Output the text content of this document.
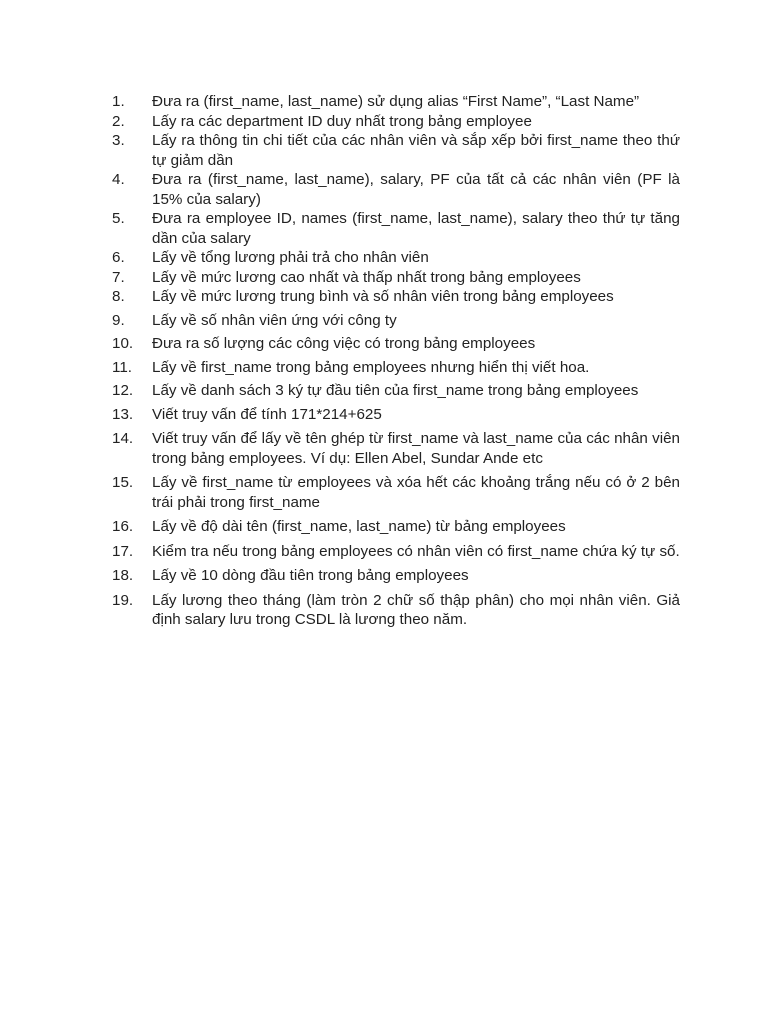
1.	Đưa ra (first_name, last_name) sử dụng alias “First Name”, “Last Name”
2.	Lấy ra các department ID duy nhất trong bảng employee
3.	Lấy ra thông tin chi tiết của các nhân viên và sắp xếp bởi first_name theo thứ tự giảm dần
4.	Đưa ra (first_name, last_name), salary, PF của tất cả các nhân viên (PF là 15% của salary)
5.	Đưa ra employee ID, names (first_name, last_name), salary theo thứ tự tăng dần của salary
6.	Lấy về tổng lương phải trả cho nhân viên
7.	Lấy về mức lương cao nhất và thấp nhất trong bảng employees
8.	Lấy về mức lương trung bình và số nhân viên trong bảng employees
9.	Lấy về số nhân viên ứng với công ty
10.	Đưa ra số lượng các công việc có trong bảng employees
11.	Lấy về first_name trong bảng employees nhưng hiển thị viết hoa.
12.	Lấy về danh sách 3 ký tự đầu tiên của first_name trong bảng employees
13.	Viết truy vấn để tính 171*214+625
14.	Viết truy vấn để lấy về tên ghép từ first_name và last_name của các nhân viên trong bảng employees. Ví dụ: Ellen Abel, Sundar Ande etc
15.	Lấy về first_name từ employees và xóa hết các khoảng trắng nếu có ở 2 bên trái phải trong first_name
16.	Lấy về độ dài tên (first_name, last_name) từ bảng employees
17.	Kiểm tra nếu trong bảng employees có nhân viên có first_name chứa ký tự số.
18.	Lấy về 10 dòng đầu tiên trong bảng employees
19.	Lấy lương theo tháng (làm tròn 2 chữ số thập phân) cho mọi nhân viên. Giả định salary lưu trong CSDL là lương theo năm.
